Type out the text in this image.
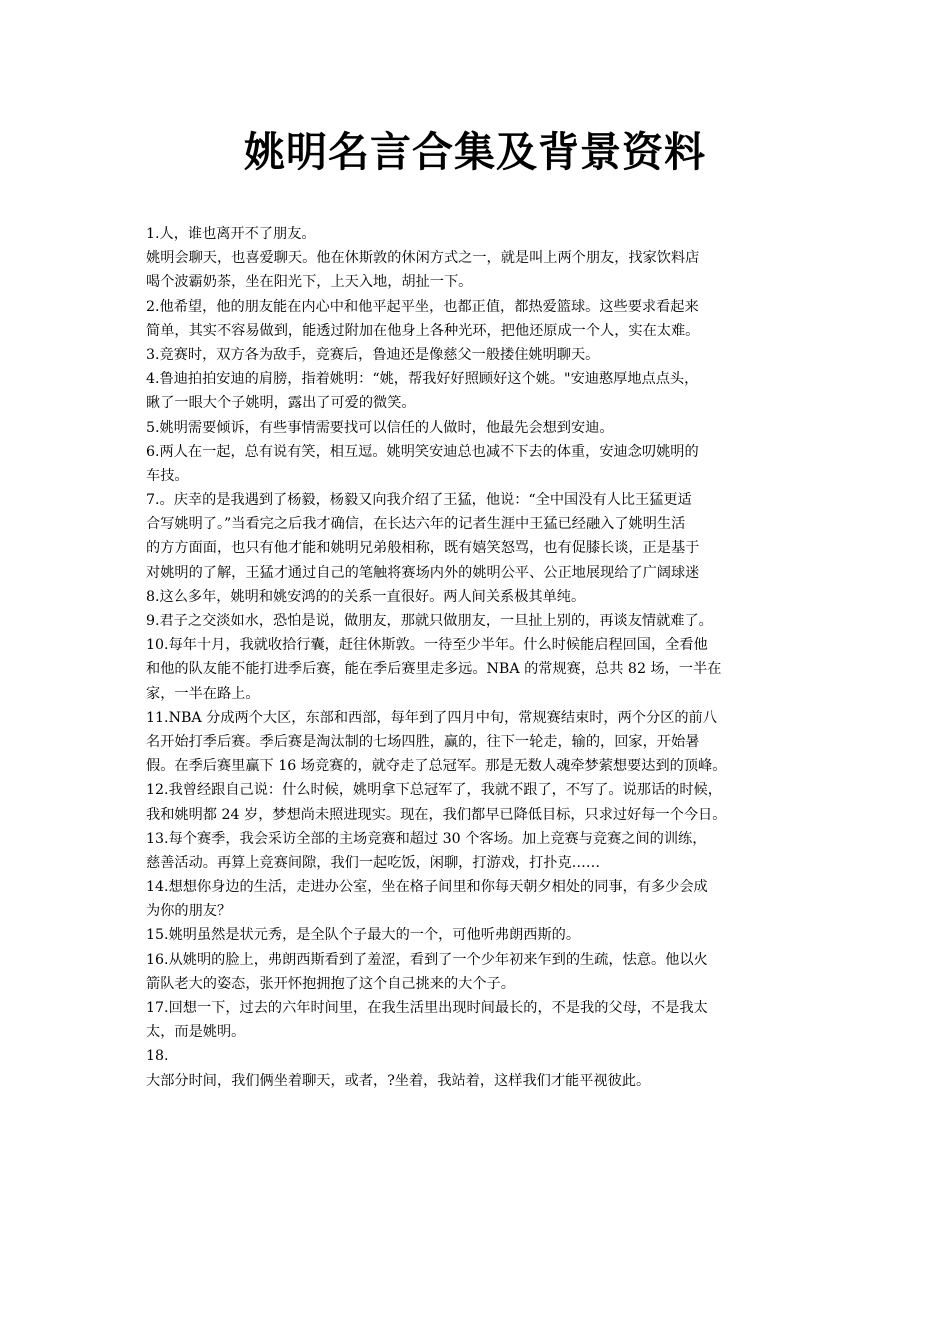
姚明名言合集及背景资料
1.人，谁也离开不了朋友。
姚明会聊天，也喜爱聊天。他在休斯敦的休闲方式之一，就是叫上两个朋友，找家饮料店
喝个波霸奶茶，坐在阳光下，上天入地，胡扯一下。
2.他希望，他的朋友能在内心中和他平起平坐，也都正值，都热爱篮球。这些要求看起来
简单，其实不容易做到，能透过附加在他身上各种光环，把他还原成一个人，实在太难。
3.竞赛时，双方各为敌手，竞赛后，鲁迪还是像慈父一般搂住姚明聊天。
4.鲁迪拍拍安迪的肩膀，指着姚明：“姚，帮我好好照顾好这个姚。"安迪憨厚地点点头，
瞅了一眼大个子姚明，露出了可爱的微笑。
5.姚明需要倾诉，有些事情需要找可以信任的人做时，他最先会想到安迪。
6.两人在一起，总有说有笑，相互逗。姚明笑安迪总也减不下去的体重，安迪念叨姚明的
车技。
7.。庆幸的是我遇到了杨毅，杨毅又向我介绍了王猛，他说：“全中国没有人比王猛更适
合写姚明了。”当看完之后我才确信，在长达六年的记者生涯中王猛已经融入了姚明生活
的方方面面，也只有他才能和姚明兄弟般相称，既有嬉笑怒骂，也有促膝长谈，正是基于
对姚明的了解，王猛才通过自己的笔触将赛场内外的姚明公平、公正地展现给了广阔球迷
8.这么多年，姚明和姚安鸿的的关系一直很好。两人间关系极其单纯。
9.君子之交淡如水，恐怕是说，做朋友，那就只做朋友，一旦扯上别的，再谈友情就难了。
10.每年十月，我就收拾行囊，赶往休斯敦。一待至少半年。什么时候能启程回国，全看他
和他的队友能不能打进季后赛，能在季后赛里走多远。NBA 的常规赛，总共 82 场，一半在
家，一半在路上。
11.NBA 分成两个大区，东部和西部，每年到了四月中旬，常规赛结束时，两个分区的前八
名开始打季后赛。季后赛是淘汰制的七场四胜，赢的，往下一轮走，输的，回家，开始暑
假。在季后赛里赢下 16 场竞赛的，就夺走了总冠军。那是无数人魂牵梦萦想要达到的顶峰。
12.我曾经跟自己说：什么时候，姚明拿下总冠军了，我就不跟了，不写了。说那话的时候，
我和姚明都 24 岁，梦想尚未照进现实。现在，我们都早已降低目标，只求过好每一个今日。
13.每个赛季，我会采访全部的主场竞赛和超过 30 个客场。加上竞赛与竞赛之间的训练，
慈善活动。再算上竞赛间隙，我们一起吃饭，闲聊，打游戏，打扑克……
14.想想你身边的生活，走进办公室，坐在格子间里和你每天朝夕相处的同事，有多少会成
为你的朋友？
15.姚明虽然是状元秀，是全队个子最大的一个，可他听弗朗西斯的。
16.从姚明的脸上，弗朗西斯看到了羞涩，看到了一个少年初来乍到的生疏，怯意。他以火
箭队老大的姿态，张开怀抱拥抱了这个自己挑来的大个子。
17.回想一下，过去的六年时间里，在我生活里出现时间最长的，不是我的父母，不是我太
太，而是姚明。
18.
大部分时间，我们俩坐着聊天，或者，?坐着，我站着，这样我们才能平视彼此。
